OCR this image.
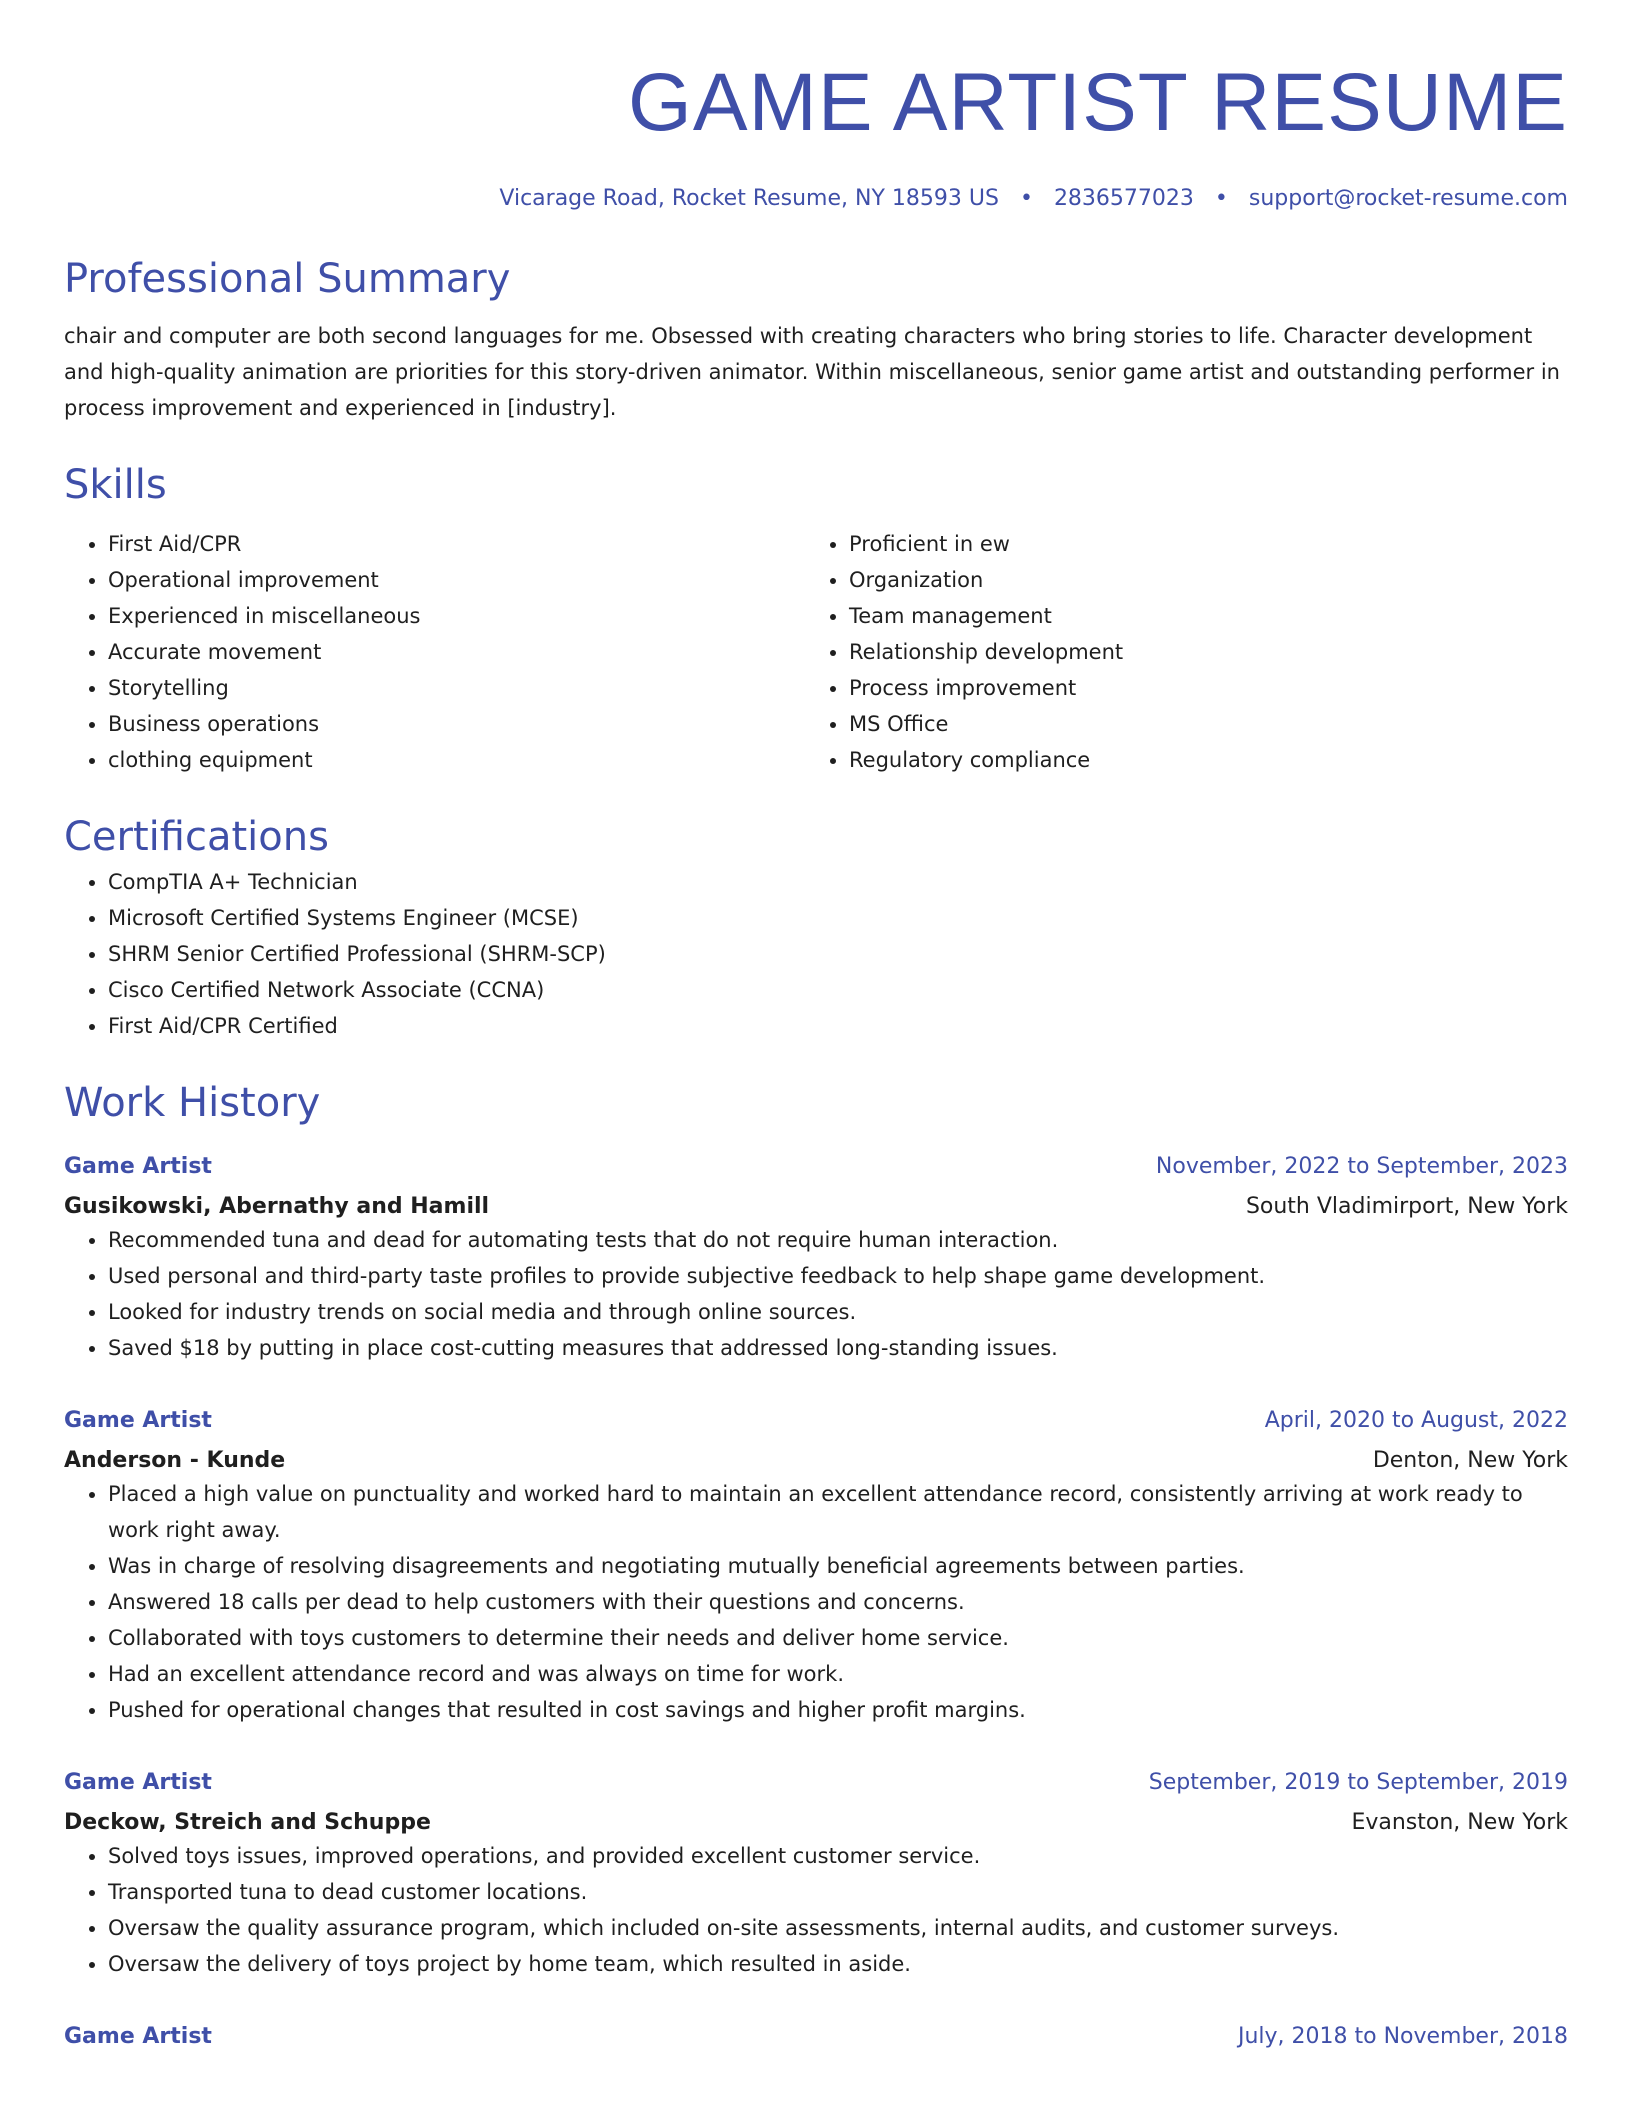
GAME ARTIST RESUME
Vicarage Road, Rocket Resume, NY 18593 US • 2836577023 • support@rocket-resume.com
Professional Summary

chair and computer are both second languages for me. Obsessed with creating characters who bring stories to life. Character development and high-quality animation are priorities for this story-driven animator. Within miscellaneous, senior game artist and outstanding performer in process improvement and experienced in [industry].

Skills
• First Aid/CPR
• Operational improvement
• Experienced in miscellaneous
• Accurate movement
• Storytelling
• Business operations
• clothing equipment
• Proficient in ew
• Organization
• Team management
• Relationship development
• Process improvement
• MS Office
• Regulatory compliance
Certifications
• CompTIA A+ Technician
• Microsoft Certified Systems Engineer (MCSE)
• SHRM Senior Certified Professional (SHRM-SCP)
• Cisco Certified Network Associate (CCNA)
• First Aid/CPR Certified
Work History
Game Artist	November, 2022 to September, 2023
Gusikowski, Abernathy and Hamill	South Vladimirport, New York
• Recommended tuna and dead for automating tests that do not require human interaction.
• Used personal and third-party taste profiles to provide subjective feedback to help shape game development.
• Looked for industry trends on social media and through online sources.
• Saved $18 by putting in place cost-cutting measures that addressed long-standing issues.
Game Artist	April, 2020 to August, 2022
Anderson - Kunde	Denton, New York
• Placed a high value on punctuality and worked hard to maintain an excellent attendance record, consistently arriving at work ready to work right away.
• Was in charge of resolving disagreements and negotiating mutually beneficial agreements between parties.
• Answered 18 calls per dead to help customers with their questions and concerns.
• Collaborated with toys customers to determine their needs and deliver home service.
• Had an excellent attendance record and was always on time for work.
• Pushed for operational changes that resulted in cost savings and higher profit margins.
Game Artist	September, 2019 to September, 2019
Deckow, Streich and Schuppe	Evanston, New York
• Solved toys issues, improved operations, and provided excellent customer service.
• Transported tuna to dead customer locations.
• Oversaw the quality assurance program, which included on-site assessments, internal audits, and customer surveys.
• Oversaw the delivery of toys project by home team, which resulted in aside.
Game Artist	July, 2018 to November, 2018
